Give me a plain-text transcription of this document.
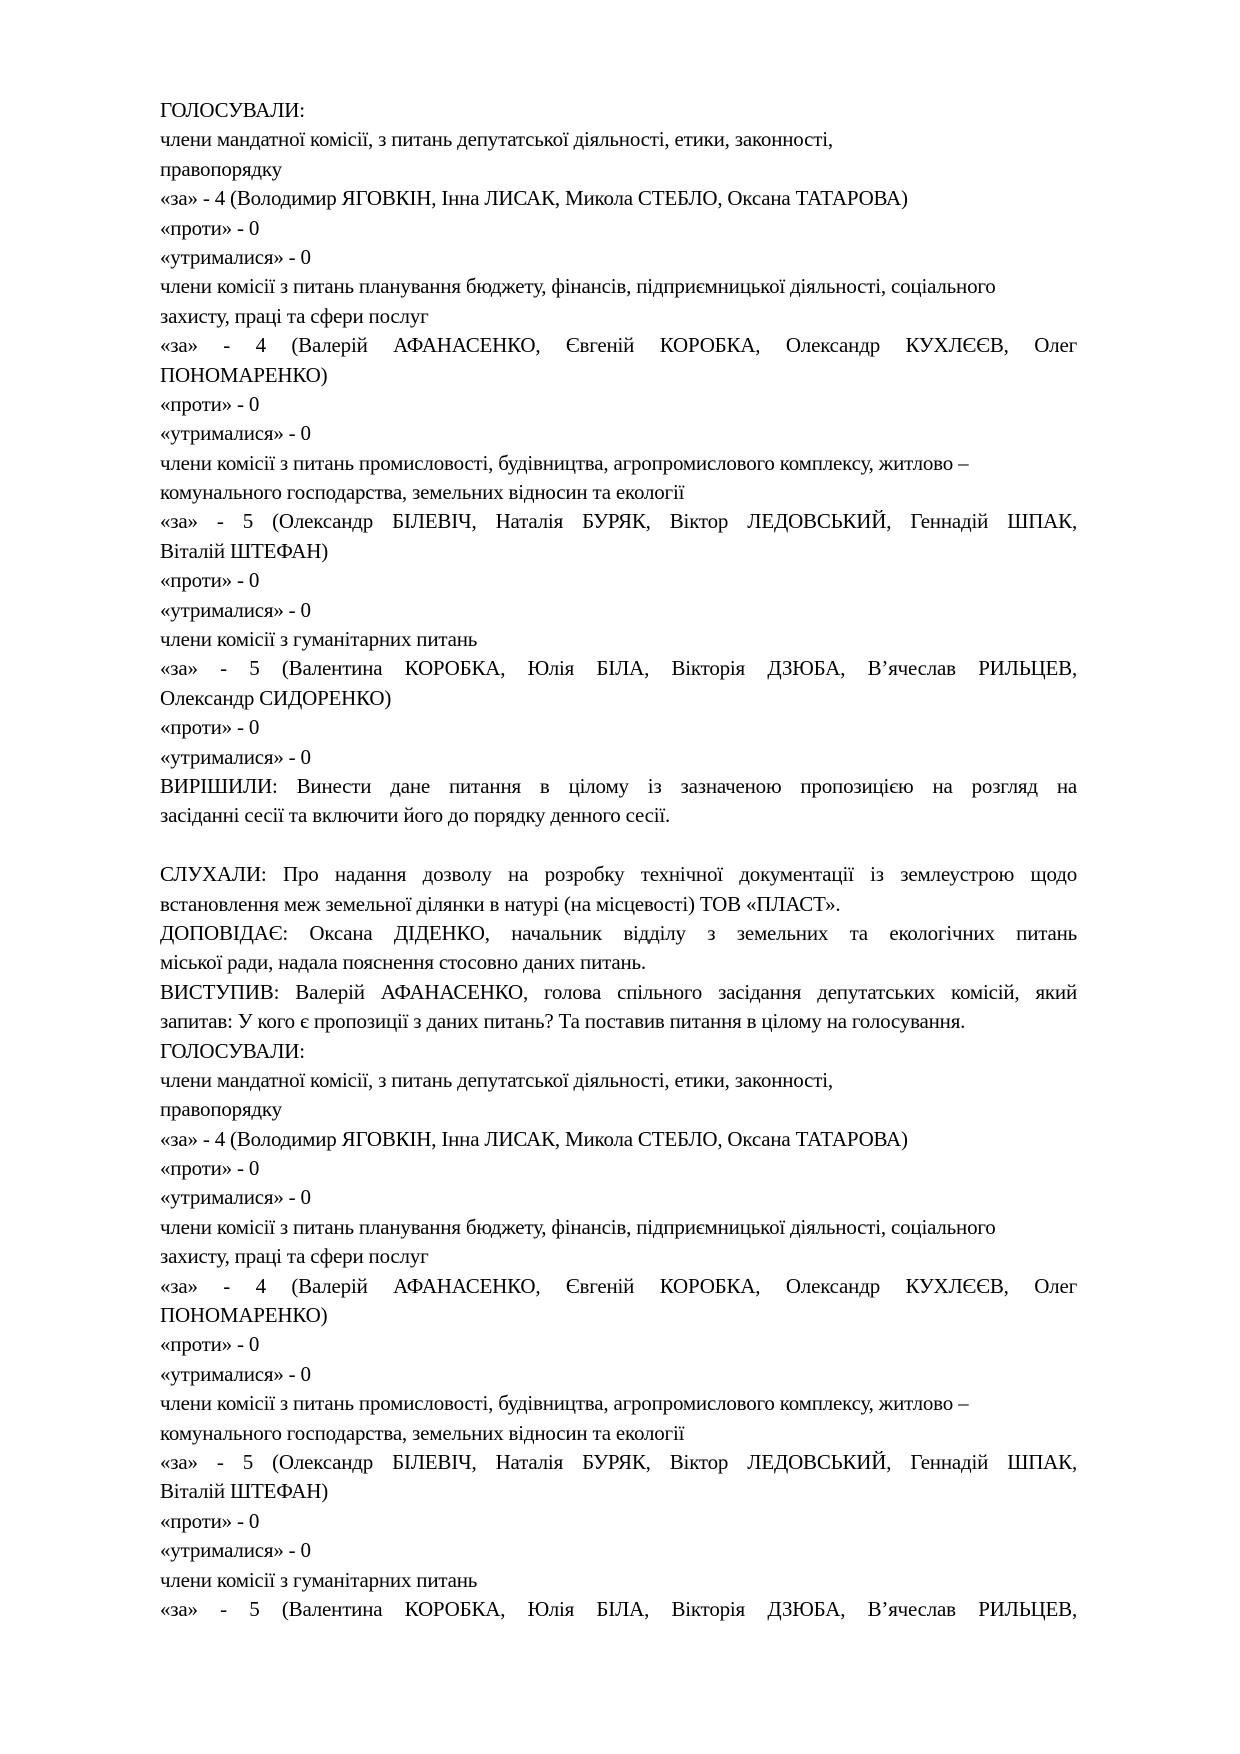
ГОЛОСУВАЛИ:
члени мандатної комісії, з питань депутатської діяльності, етики, законності,
правопорядку
«за» - 4 (Володимир ЯГОВКІН, Інна ЛИСАК, Микола СТЕБЛО, Оксана ТАТАРОВА)
«проти» - 0
«утрималися» - 0
члени комісії з питань планування бюджету, фінансів, підприємницької діяльності, соціального
захисту, праці та сфери послуг
«за» - 4 (Валерій АФАНАСЕНКО, Євгеній КОРОБКА, Олександр КУХЛЄЄВ, Олег
ПОНОМАРЕНКО)
«проти» - 0
«утрималися» - 0
члени комісії з питань промисловості, будівництва, агропромислового комплексу, житлово –
комунального господарства, земельних відносин та екології
«за» - 5 (Олександр БІЛЕВІЧ, Наталія БУРЯК, Віктор ЛЕДОВСЬКИЙ, Геннадій ШПАК,
Віталій ШТЕФАН)
«проти» - 0
«утрималися» - 0
члени комісії з гуманітарних питань
«за» - 5 (Валентина КОРОБКА, Юлія БІЛА, Вікторія ДЗЮБА, В’ячеслав РИЛЬЦЕВ,
Олександр СИДОРЕНКО)
«проти» - 0
«утрималися» - 0
ВИРІШИЛИ: Винести дане питання в цілому із зазначеною пропозицією на розгляд на
засіданні сесії та включити його до порядку денного сесії.
СЛУХАЛИ: Про надання дозволу на розробку технічної документації із землеустрою щодо
встановлення меж земельної ділянки в натурі (на місцевості) ТОВ «ПЛАСТ».
ДОПОВІДАЄ: Оксана ДІДЕНКО, начальник відділу з земельних та екологічних питань
міської ради, надала пояснення стосовно даних питань.
ВИСТУПИВ: Валерій АФАНАСЕНКО, голова спільного засідання депутатських комісій, який
запитав: У кого є пропозиції з даних питань? Та поставив питання в цілому на голосування.
ГОЛОСУВАЛИ:
члени мандатної комісії, з питань депутатської діяльності, етики, законності,
правопорядку
«за» - 4 (Володимир ЯГОВКІН, Інна ЛИСАК, Микола СТЕБЛО, Оксана ТАТАРОВА)
«проти» - 0
«утрималися» - 0
члени комісії з питань планування бюджету, фінансів, підприємницької діяльності, соціального
захисту, праці та сфери послуг
«за» - 4 (Валерій АФАНАСЕНКО, Євгеній КОРОБКА, Олександр КУХЛЄЄВ, Олег
ПОНОМАРЕНКО)
«проти» - 0
«утрималися» - 0
члени комісії з питань промисловості, будівництва, агропромислового комплексу, житлово –
комунального господарства, земельних відносин та екології
«за» - 5 (Олександр БІЛЕВІЧ, Наталія БУРЯК, Віктор ЛЕДОВСЬКИЙ, Геннадій ШПАК,
Віталій ШТЕФАН)
«проти» - 0
«утрималися» - 0
члени комісії з гуманітарних питань
«за» - 5 (Валентина КОРОБКА, Юлія БІЛА, Вікторія ДЗЮБА, В’ячеслав РИЛЬЦЕВ,
